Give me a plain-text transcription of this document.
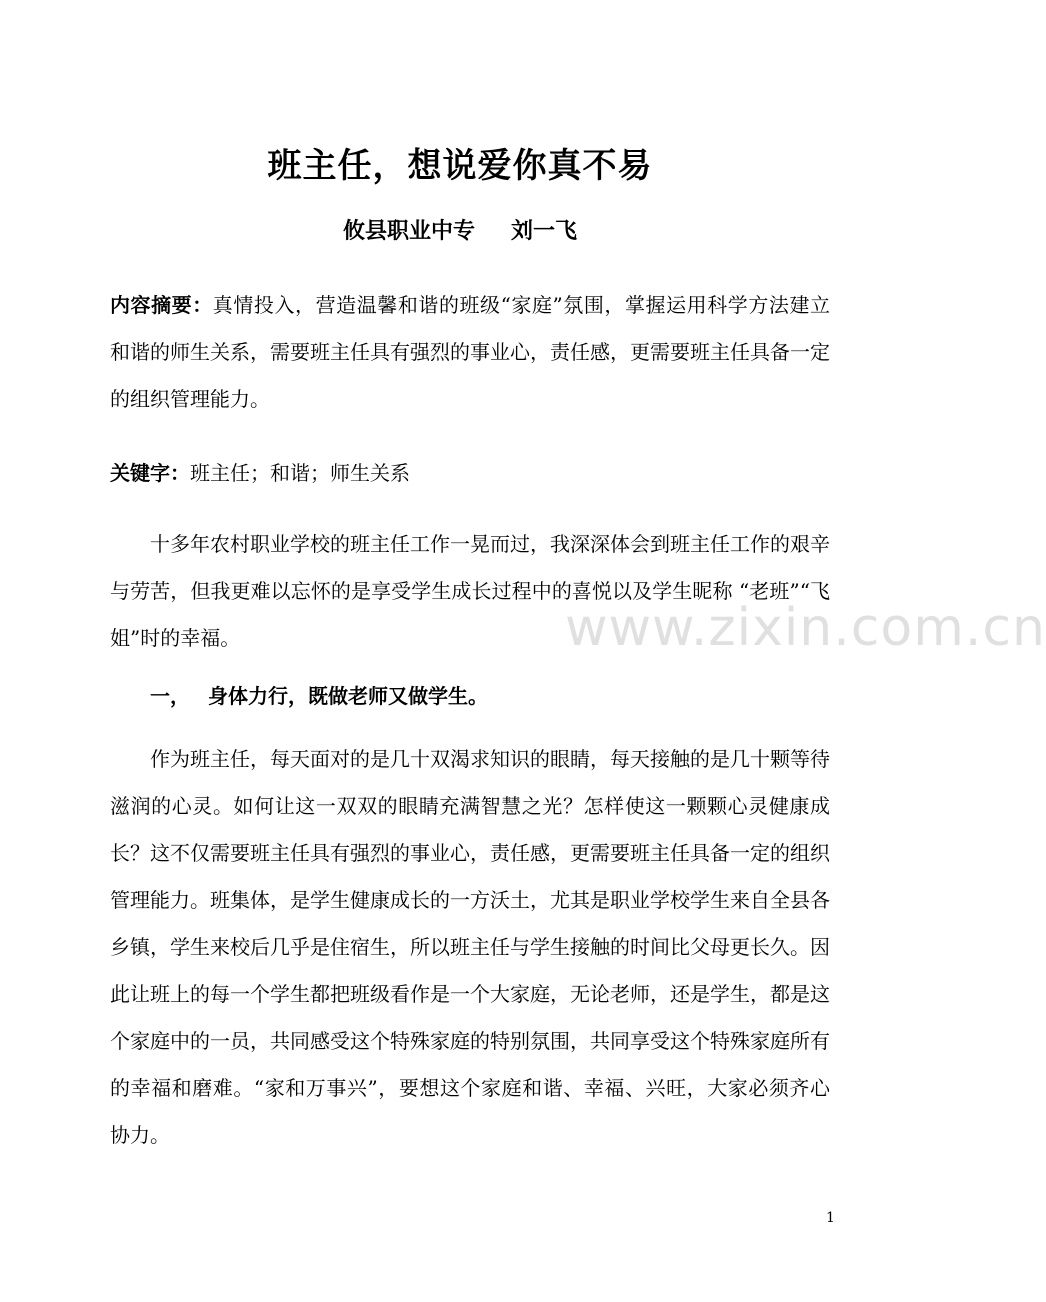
班主任，想说爱你真不易
攸县职业中专 刘一飞
内容摘要：真情投入，营造温馨和谐的班级“家庭”氛围，掌握运用科学方法建立和谐的师生关系，需要班主任具有强烈的事业心，责任感，更需要班主任具备一定的组织管理能力。
关键字：班主任；和谐；师生关系
十多年农村职业学校的班主任工作一晃而过，我深深体会到班主任工作的艰辛与劳苦，但我更难以忘怀的是享受学生成长过程中的喜悦以及学生昵称 “老班”“飞姐”时的幸福。	www.zixin.com.cn
一， 身体力行，既做老师又做学生。
作为班主任，每天面对的是几十双渴求知识的眼睛，每天接触的是几十颗等待滋润的心灵。如何让这一双双的眼睛充满智慧之光？怎样使这一颗颗心灵健康成长？这不仅需要班主任具有强烈的事业心，责任感，更需要班主任具备一定的组织管理能力。班集体，是学生健康成长的一方沃土，尤其是职业学校学生来自全县各乡镇，学生来校后几乎是住宿生，所以班主任与学生接触的时间比父母更长久。因此让班上的每一个学生都把班级看作是一个大家庭，无论老师，还是学生，都是这个家庭中的一员，共同感受这个特殊家庭的特别氛围，共同享受这个特殊家庭所有的幸福和磨难。“家和万事兴”，要想这个家庭和谐、幸福、兴旺，大家必须齐心协力。
1
